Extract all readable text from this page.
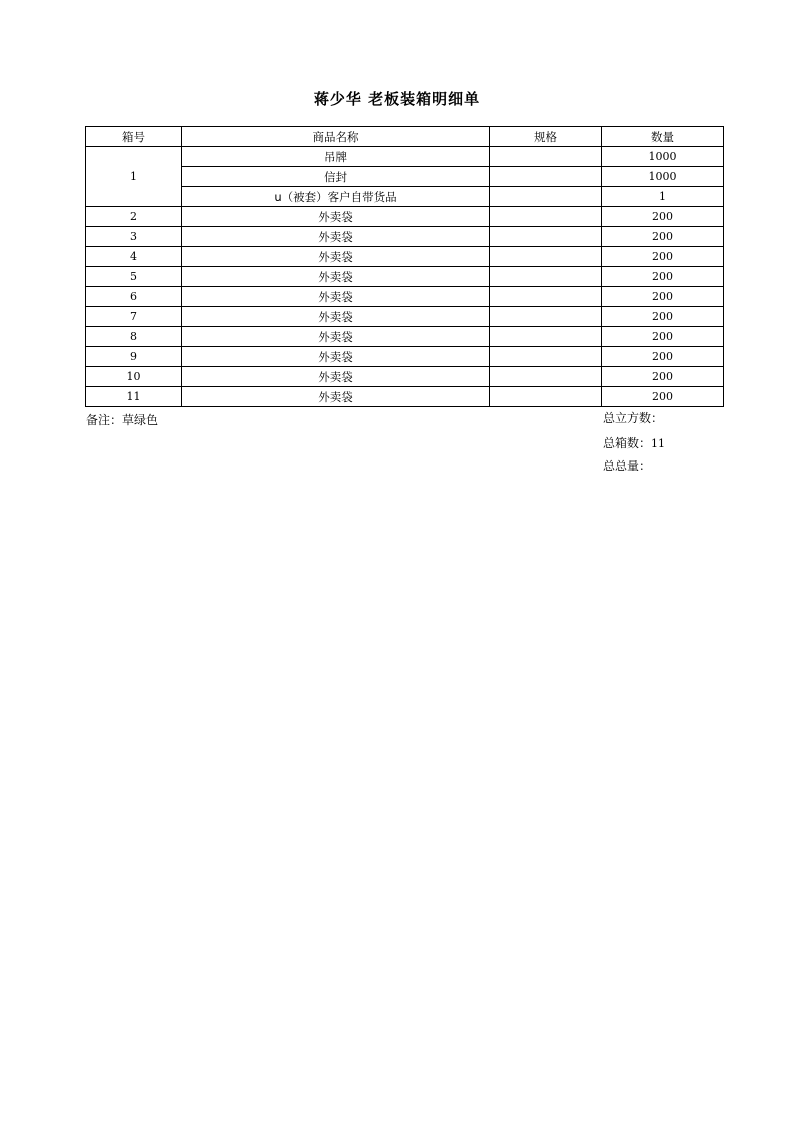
蒋少华 老板装箱明细单
箱号	商品名称	规格	数量
1	吊牌		1000
	信封		1000
	u（被套）客户自带货品		1
2	外卖袋		200
3	外卖袋		200
4	外卖袋		200
5	外卖袋		200
6	外卖袋		200
7	外卖袋		200
8	外卖袋		200
9	外卖袋		200
10	外卖袋		200
11	外卖袋		200
备注：草绿色	总立方数：
总箱数：11
总总量：
